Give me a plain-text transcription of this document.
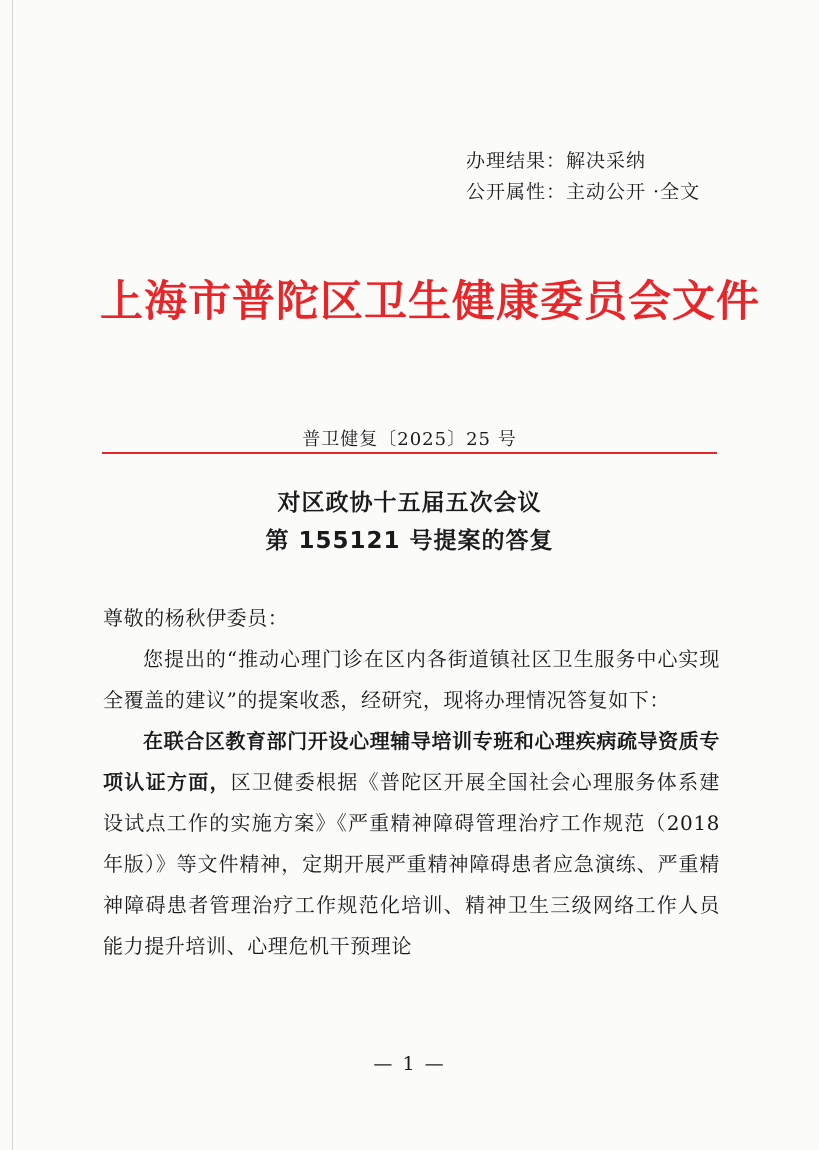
办理结果：解决采纳
公开属性：主动公开 ·全文
上海市普陀区卫生健康委员会文件
普卫健复〔2025〕25 号
对区政协十五届五次会议
第 155121 号提案的答复

尊敬的杨秋伊委员：

您提出的“推动心理门诊在区内各街道镇社区卫生服务中心实现全覆盖的建议”的提案收悉，经研究，现将办理情况答复如下：

在联合区教育部门开设心理辅导培训专班和心理疾病疏导资质专项认证方面，区卫健委根据《普陀区开展全国社会心理服务体系建设试点工作的实施方案》《严重精神障碍管理治疗工作规范（2018 年版）》等文件精神，定期开展严重精神障碍患者应急演练、严重精神障碍患者管理治疗工作规范化培训、精神卫生三级网络工作人员能力提升培训、心理危机干预理论

— 1 —
